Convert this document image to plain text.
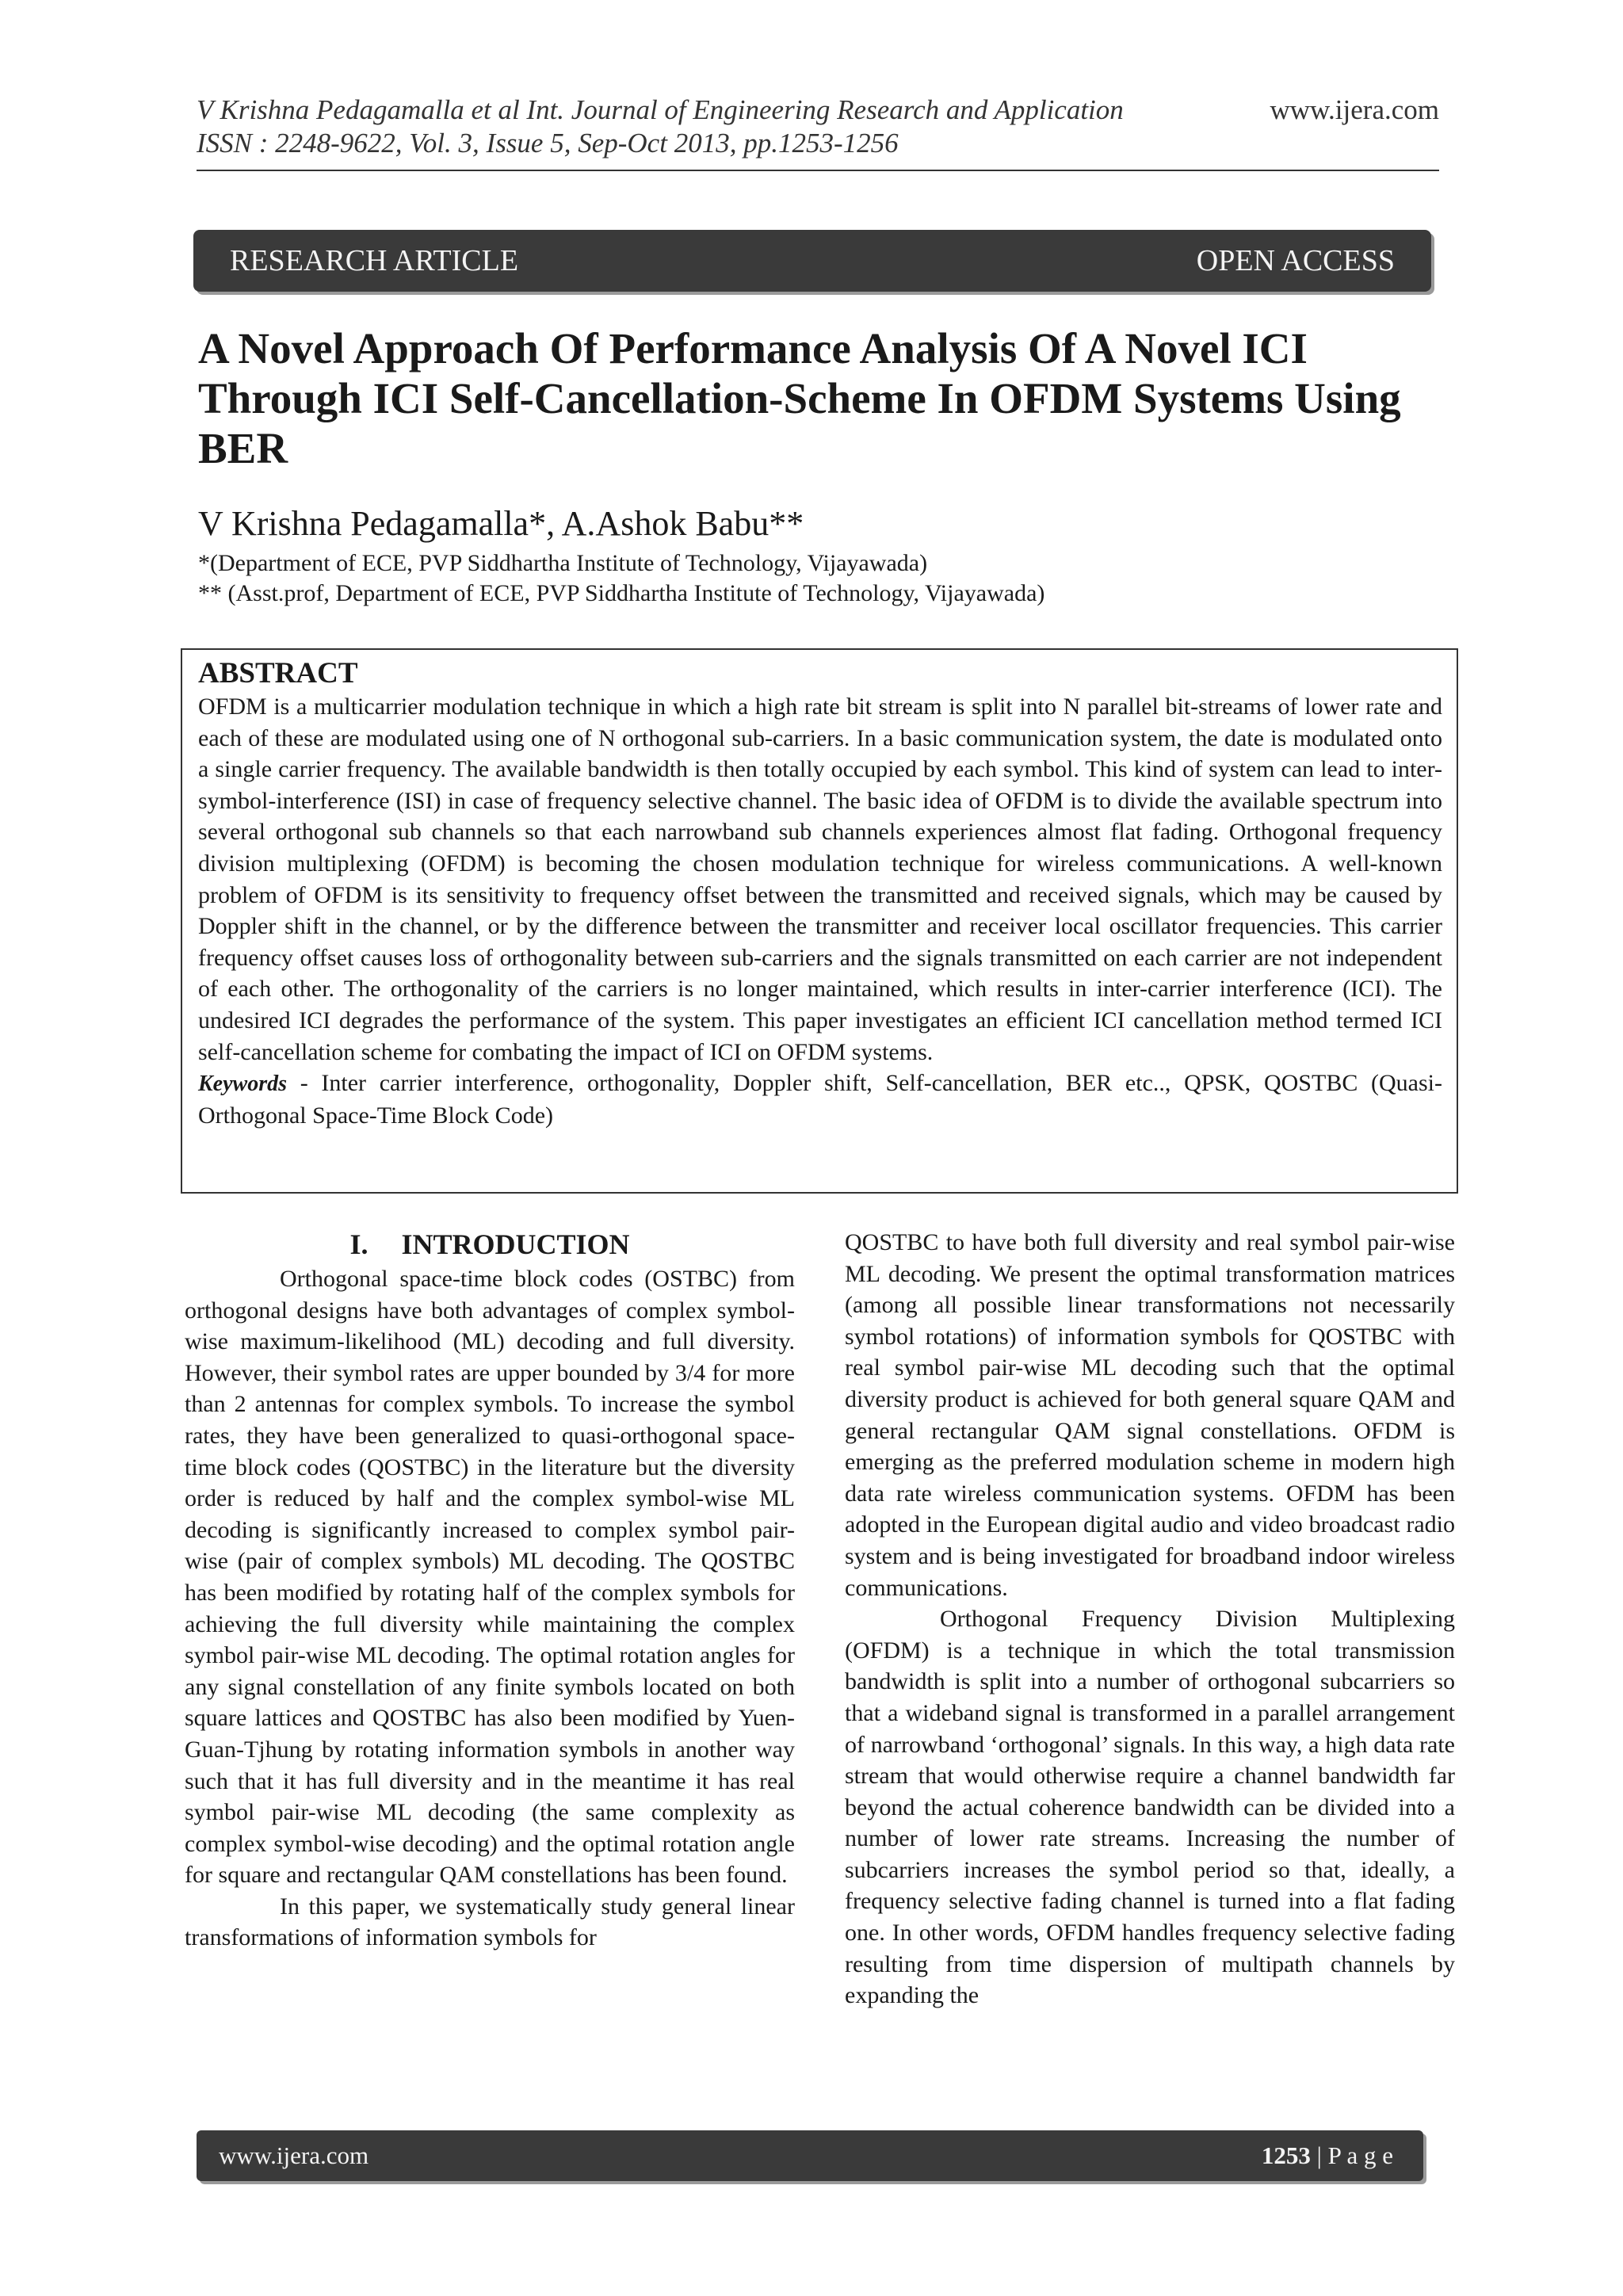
V Krishna Pedagamalla et al Int. Journal of Engineering Research and Application	www.ijera.com
ISSN : 2248-9622, Vol. 3, Issue 5, Sep-Oct 2013, pp.1253-1256
RESEARCH ARTICLE	OPEN ACCESS
A Novel Approach Of Performance Analysis Of A Novel ICI Through ICI Self-Cancellation-Scheme In OFDM Systems Using BER
V Krishna Pedagamalla*, A.Ashok Babu**
*(Department of ECE, PVP Siddhartha Institute of Technology, Vijayawada)
** (Asst.prof, Department of ECE, PVP Siddhartha Institute of Technology, Vijayawada)
ABSTRACT

OFDM is a multicarrier modulation technique in which a high rate bit stream is split into N parallel bit-streams of lower rate and each of these are modulated using one of N orthogonal sub-carriers. In a basic communication system, the date is modulated onto a single carrier frequency. The available bandwidth is then totally occupied by each symbol. This kind of system can lead to inter-symbol-interference (ISI) in case of frequency selective channel. The basic idea of OFDM is to divide the available spectrum into several orthogonal sub channels so that each narrowband sub channels experiences almost flat fading. Orthogonal frequency division multiplexing (OFDM) is becoming the chosen modulation technique for wireless communications. A well-known problem of OFDM is its sensitivity to frequency offset between the transmitted and received signals, which may be caused by Doppler shift in the channel, or by the difference between the transmitter and receiver local oscillator frequencies. This carrier frequency offset causes loss of orthogonality between sub-carriers and the signals transmitted on each carrier are not independent of each other. The orthogonality of the carriers is no longer maintained, which results in inter-carrier interference (ICI). The undesired ICI degrades the performance of the system. This paper investigates an efficient ICI cancellation method termed ICI self-cancellation scheme for combating the impact of ICI on OFDM systems.

Keywords - Inter carrier interference, orthogonality, Doppler shift, Self-cancellation, BER etc.., QPSK, QOSTBC (Quasi-Orthogonal Space-Time Block Code)

I. INTRODUCTION

Orthogonal space-time block codes (OSTBC) from orthogonal designs have both advantages of complex symbol-wise maximum-likelihood (ML) decoding and full diversity. However, their symbol rates are upper bounded by 3/4 for more than 2 antennas for complex symbols. To increase the symbol rates, they have been generalized to quasi-orthogonal space-time block codes (QOSTBC) in the literature but the diversity order is reduced by half and the complex symbol-wise ML decoding is significantly increased to complex symbol pair-wise (pair of complex symbols) ML decoding. The QOSTBC has been modified by rotating half of the complex symbols for achieving the full diversity while maintaining the complex symbol pair-wise ML decoding. The optimal rotation angles for any signal constellation of any finite symbols located on both square lattices and QOSTBC has also been modified by Yuen-Guan-Tjhung by rotating information symbols in another way such that it has full diversity and in the meantime it has real symbol pair-wise ML decoding (the same complexity as complex symbol-wise decoding) and the optimal rotation angle for square and rectangular QAM constellations has been found.

In this paper, we systematically study general linear transformations of information symbols for

QOSTBC to have both full diversity and real symbol pair-wise ML decoding. We present the optimal transformation matrices (among all possible linear transformations not necessarily symbol rotations) of information symbols for QOSTBC with real symbol pair-wise ML decoding such that the optimal diversity product is achieved for both general square QAM and general rectangular QAM signal constellations. OFDM is emerging as the preferred modulation scheme in modern high data rate wireless communication systems. OFDM has been adopted in the European digital audio and video broadcast radio system and is being investigated for broadband indoor wireless communications.

Orthogonal Frequency Division Multiplexing (OFDM) is a technique in which the total transmission bandwidth is split into a number of orthogonal subcarriers so that a wideband signal is transformed in a parallel arrangement of narrowband ‘orthogonal’ signals. In this way, a high data rate stream that would otherwise require a channel bandwidth far beyond the actual coherence bandwidth can be divided into a number of lower rate streams. Increasing the number of subcarriers increases the symbol period so that, ideally, a frequency selective fading channel is turned into a flat fading one. In other words, OFDM handles frequency selective fading resulting from time dispersion of multipath channels by expanding the

www.ijera.com	1253 | P a g e
